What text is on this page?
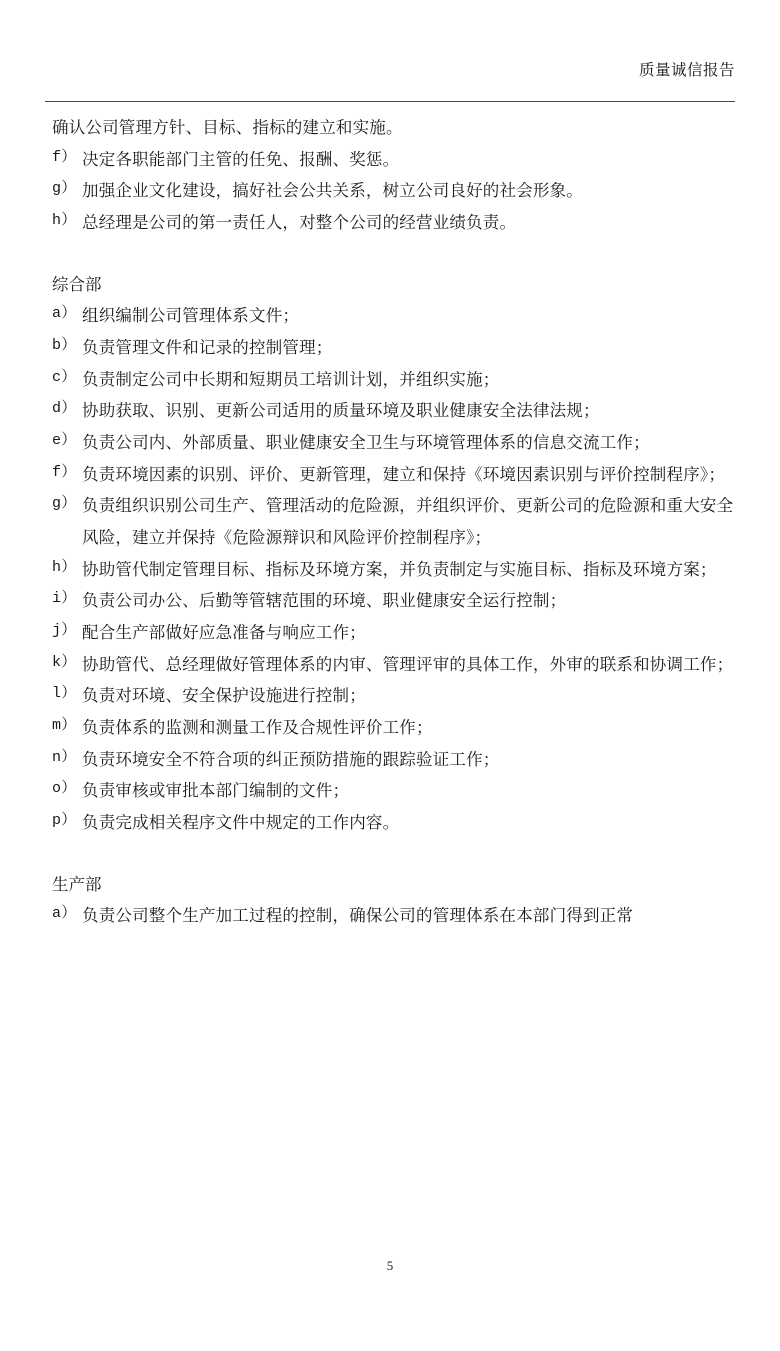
质量诚信报告

确认公司管理方针、目标、指标的建立和实施。

f） 决定各职能部门主管的任免、报酬、奖惩。
g） 加强企业文化建设，搞好社会公共关系，树立公司良好的社会形象。
h） 总经理是公司的第一责任人，对整个公司的经营业绩负责。

综合部

a） 组织编制公司管理体系文件；
b） 负责管理文件和记录的控制管理；
c） 负责制定公司中长期和短期员工培训计划，并组织实施；
d） 协助获取、识别、更新公司适用的质量环境及职业健康安全法律法规；
e） 负责公司内、外部质量、职业健康安全卫生与环境管理体系的信息交流工作；
f） 负责环境因素的识别、评价、更新管理，建立和保持《环境因素识别与评价控制程序》；
g） 负责组织识别公司生产、管理活动的危险源，并组织评价、更新公司的危险源和重大安全风险，建立并保持《危险源辩识和风险评价控制程序》；
h） 协助管代制定管理目标、指标及环境方案，并负责制定与实施目标、指标及环境方案；
i） 负责公司办公、后勤等管辖范围的环境、职业健康安全运行控制；
j） 配合生产部做好应急准备与响应工作；
k） 协助管代、总经理做好管理体系的内审、管理评审的具体工作，外审的联系和协调工作；
l） 负责对环境、安全保护设施进行控制；
m） 负责体系的监测和测量工作及合规性评价工作；
n） 负责环境安全不符合项的纠正预防措施的跟踪验证工作；
o） 负责审核或审批本部门编制的文件；
p） 负责完成相关程序文件中规定的工作内容。

生产部

a） 负责公司整个生产加工过程的控制，确保公司的管理体系在本部门得到正常
5
